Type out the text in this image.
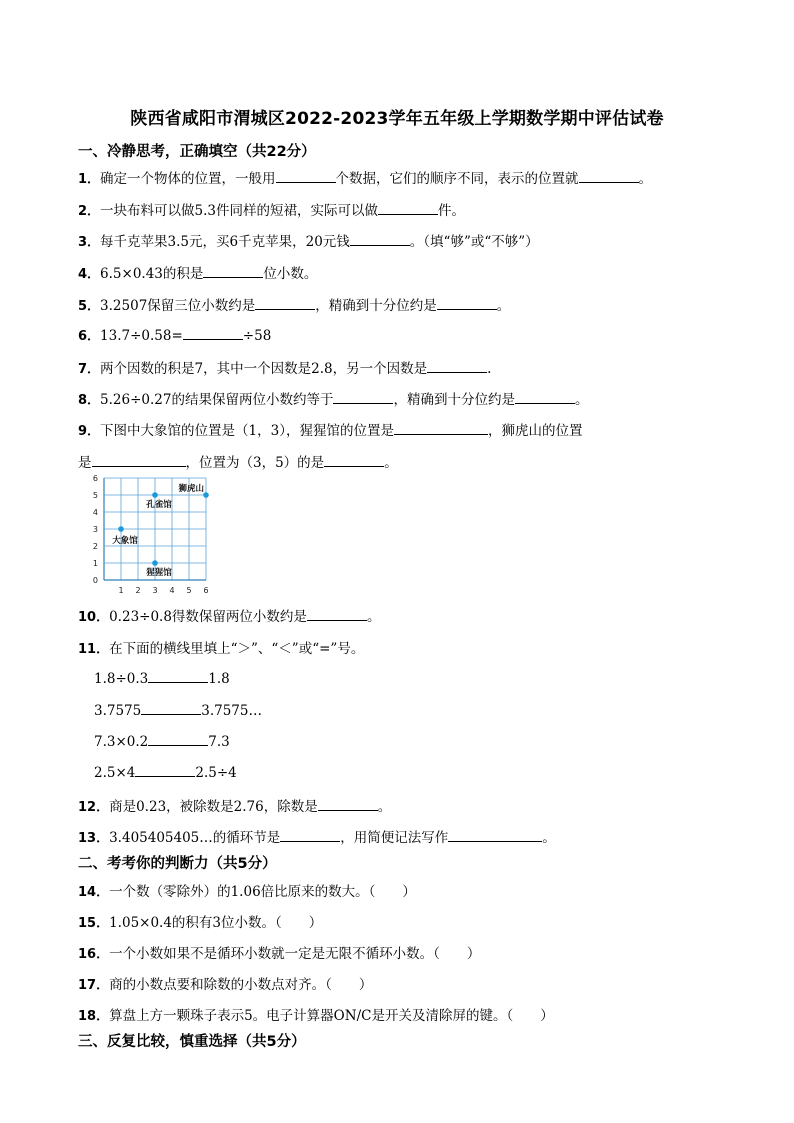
陕西省咸阳市渭城区2022-2023学年五年级上学期数学期中评估试卷
一、冷静思考，正确填空（共22分）
1．确定一个物体的位置，一般用	个数据，它们的顺序不同，表示的位置就	。
2．一块布料可以做5.3件同样的短裙，实际可以做	件。
3．每千克苹果3.5元，买6千克苹果，20元钱	。（填“够”或“不够”）
4．6.5×0.43的积是	位小数。
5．3.2507保留三位小数约是	，精确到十分位约是	。
6．13.7÷0.58=	÷58
7．两个因数的积是7，其中一个因数是2.8，另一个因数是	.
8．5.26÷0.27的结果保留两位小数约等于	，精确到十分位约是	。
9．下图中大象馆的位置是（1，3），猩猩馆的位置是	，狮虎山的位置
是	，位置为（3，5）的是	。
1 2 3 4 5 6
0
1
2
3
4
5
6
大象馆
孔雀馆
狮虎山
猩猩馆
10．0.23÷0.8得数保留两位小数约是	。
11．在下面的横线里填上“＞”、“＜”或“=”号。
1.8÷0.3	1.8
3.7575	3.7575…
7.3×0.2	7.3
2.5×4	2.5÷4
12．商是0.23，被除数是2.76，除数是	。
13．3.405405405…的循环节是	，用简便记法写作	。
二、考考你的判断力（共5分）
14．一个数（零除外）的1.06倍比原来的数大。（　　）
15．1.05×0.4的积有3位小数。（　　）
16．一个小数如果不是循环小数就一定是无限不循环小数。（　　）
17．商的小数点要和除数的小数点对齐。（　　）
18．算盘上方一颗珠子表示5。电子计算器ON/C是开关及清除屏的键。（　　）
三、反复比较，慎重选择（共5分）
